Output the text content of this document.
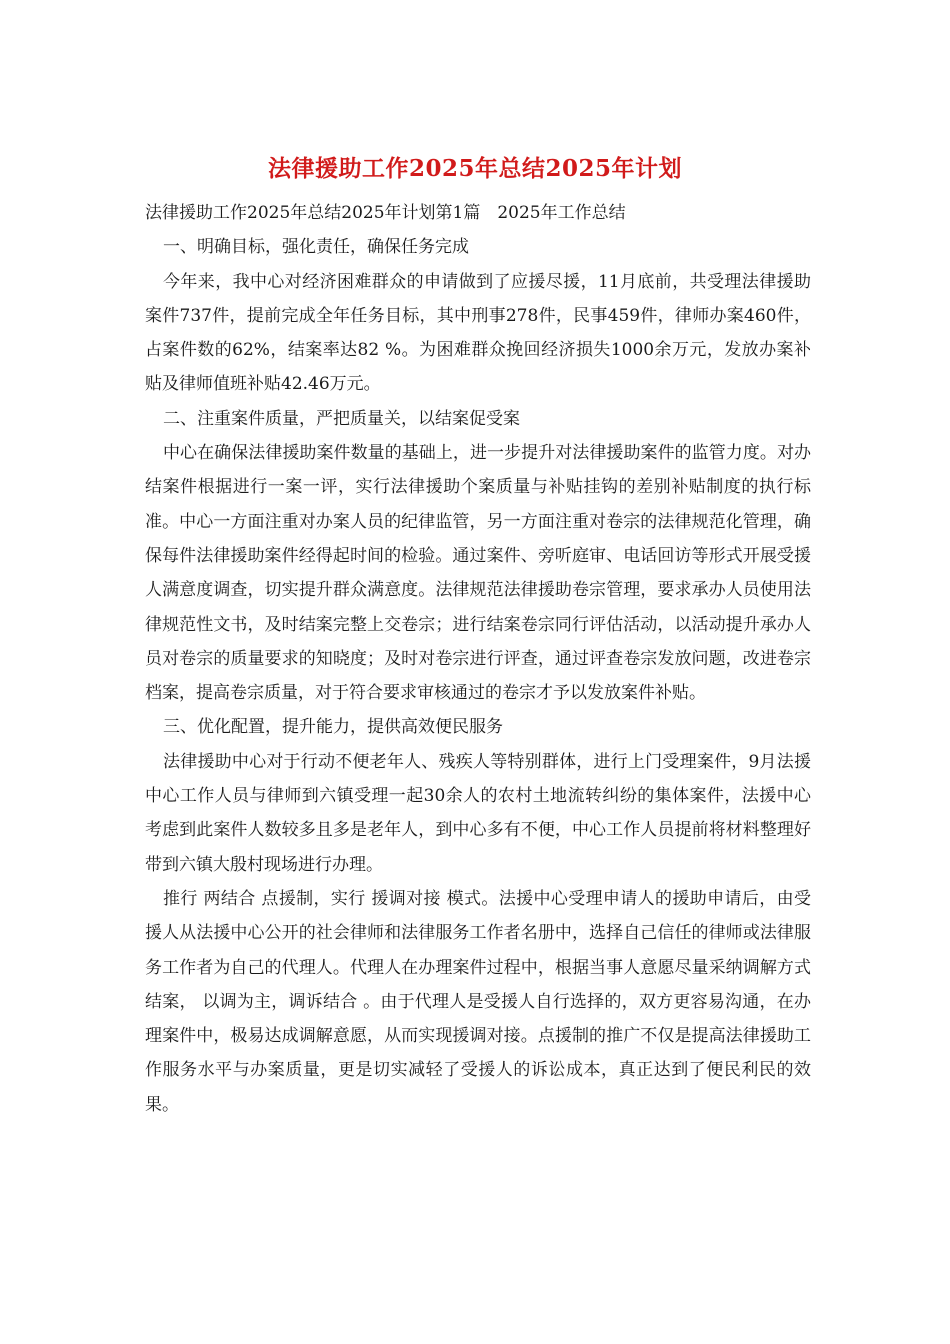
法律援助工作2025年总结2025年计划

法律援助工作2025年总结2025年计划第1篇　2025年工作总结

一、明确目标，强化责任，确保任务完成

今年来，我中心对经济困难群众的申请做到了应援尽援，11月底前，共受理法律援助案件737件，提前完成全年任务目标，其中刑事278件，民事459件，律师办案460件，占案件数的62%，结案率达82 %。为困难群众挽回经济损失1000余万元，发放办案补贴及律师值班补贴42.46万元。

二、注重案件质量，严把质量关，以结案促受案

中心在确保法律援助案件数量的基础上，进一步提升对法律援助案件的监管力度。对办结案件根据进行一案一评，实行法律援助个案质量与补贴挂钩的差别补贴制度的执行标准。中心一方面注重对办案人员的纪律监管，另一方面注重对卷宗的法律规范化管理，确保每件法律援助案件经得起时间的检验。通过案件、旁听庭审、电话回访等形式开展受援人满意度调查，切实提升群众满意度。法律规范法律援助卷宗管理，要求承办人员使用法律规范性文书，及时结案完整上交卷宗；进行结案卷宗同行评估活动，以活动提升承办人员对卷宗的质量要求的知晓度；及时对卷宗进行评查，通过评查卷宗发放问题，改进卷宗档案，提高卷宗质量，对于符合要求审核通过的卷宗才予以发放案件补贴。

三、优化配置，提升能力，提供高效便民服务

法律援助中心对于行动不便老年人、残疾人等特别群体，进行上门受理案件，9月法援中心工作人员与律师到六镇受理一起30余人的农村土地流转纠纷的集体案件，法援中心考虑到此案件人数较多且多是老年人，到中心多有不便，中心工作人员提前将材料整理好带到六镇大殷村现场进行办理。

推行 两结合 点援制，实行 援调对接 模式。法援中心受理申请人的援助申请后，由受援人从法援中心公开的社会律师和法律服务工作者名册中，选择自己信任的律师或法律服务工作者为自己的代理人。代理人在办理案件过程中，根据当事人意愿尽量采纳调解方式结案， 以调为主，调诉结合 。由于代理人是受援人自行选择的，双方更容易沟通，在办理案件中，极易达成调解意愿，从而实现援调对接。点援制的推广不仅是提高法律援助工作服务水平与办案质量，更是切实减轻了受援人的诉讼成本，真正达到了便民利民的效果。
